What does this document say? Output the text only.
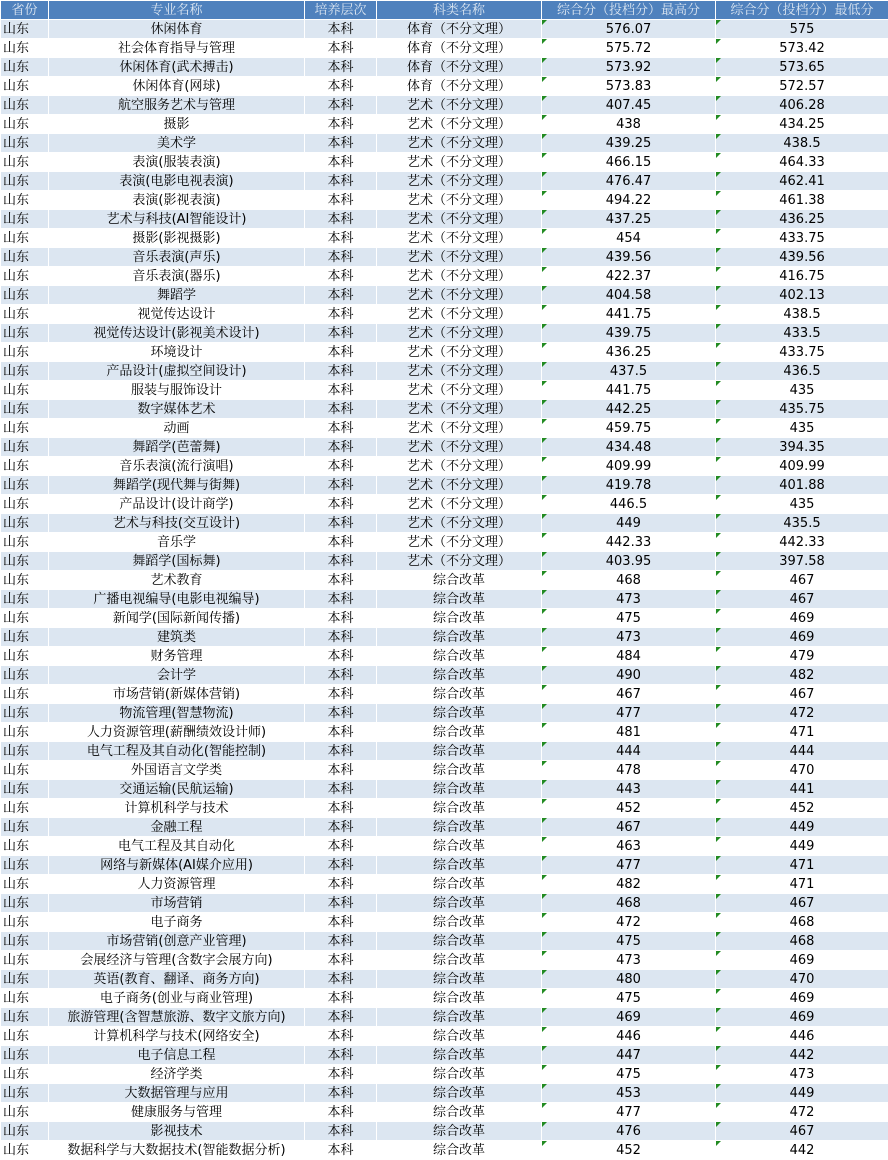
省份	专业名称	培养层次	科类名称	综合分（投档分）最高分	综合分（投档分）最低分
山东	休闲体育	本科	体育（不分文理）	576.07	575
山东	社会体育指导与管理	本科	体育（不分文理）	575.72	573.42
山东	休闲体育(武术搏击)	本科	体育（不分文理）	573.92	573.65
山东	休闲体育(网球)	本科	体育（不分文理）	573.83	572.57
山东	航空服务艺术与管理	本科	艺术（不分文理）	407.45	406.28
山东	摄影	本科	艺术（不分文理）	438	434.25
山东	美术学	本科	艺术（不分文理）	439.25	438.5
山东	表演(服装表演)	本科	艺术（不分文理）	466.15	464.33
山东	表演(电影电视表演)	本科	艺术（不分文理）	476.47	462.41
山东	表演(影视表演)	本科	艺术（不分文理）	494.22	461.38
山东	艺术与科技(AI智能设计)	本科	艺术（不分文理）	437.25	436.25
山东	摄影(影视摄影)	本科	艺术（不分文理）	454	433.75
山东	音乐表演(声乐)	本科	艺术（不分文理）	439.56	439.56
山东	音乐表演(器乐)	本科	艺术（不分文理）	422.37	416.75
山东	舞蹈学	本科	艺术（不分文理）	404.58	402.13
山东	视觉传达设计	本科	艺术（不分文理）	441.75	438.5
山东	视觉传达设计(影视美术设计)	本科	艺术（不分文理）	439.75	433.5
山东	环境设计	本科	艺术（不分文理）	436.25	433.75
山东	产品设计(虚拟空间设计)	本科	艺术（不分文理）	437.5	436.5
山东	服装与服饰设计	本科	艺术（不分文理）	441.75	435
山东	数字媒体艺术	本科	艺术（不分文理）	442.25	435.75
山东	动画	本科	艺术（不分文理）	459.75	435
山东	舞蹈学(芭蕾舞)	本科	艺术（不分文理）	434.48	394.35
山东	音乐表演(流行演唱)	本科	艺术（不分文理）	409.99	409.99
山东	舞蹈学(现代舞与街舞)	本科	艺术（不分文理）	419.78	401.88
山东	产品设计(设计商学)	本科	艺术（不分文理）	446.5	435
山东	艺术与科技(交互设计)	本科	艺术（不分文理）	449	435.5
山东	音乐学	本科	艺术（不分文理）	442.33	442.33
山东	舞蹈学(国标舞)	本科	艺术（不分文理）	403.95	397.58
山东	艺术教育	本科	综合改革	468	467
山东	广播电视编导(电影电视编导)	本科	综合改革	473	467
山东	新闻学(国际新闻传播)	本科	综合改革	475	469
山东	建筑类	本科	综合改革	473	469
山东	财务管理	本科	综合改革	484	479
山东	会计学	本科	综合改革	490	482
山东	市场营销(新媒体营销)	本科	综合改革	467	467
山东	物流管理(智慧物流)	本科	综合改革	477	472
山东	人力资源管理(薪酬绩效设计师)	本科	综合改革	481	471
山东	电气工程及其自动化(智能控制)	本科	综合改革	444	444
山东	外国语言文学类	本科	综合改革	478	470
山东	交通运输(民航运输)	本科	综合改革	443	441
山东	计算机科学与技术	本科	综合改革	452	452
山东	金融工程	本科	综合改革	467	449
山东	电气工程及其自动化	本科	综合改革	463	449
山东	网络与新媒体(AI媒介应用)	本科	综合改革	477	471
山东	人力资源管理	本科	综合改革	482	471
山东	市场营销	本科	综合改革	468	467
山东	电子商务	本科	综合改革	472	468
山东	市场营销(创意产业管理)	本科	综合改革	475	468
山东	会展经济与管理(含数字会展方向)	本科	综合改革	473	469
山东	英语(教育、翻译、商务方向)	本科	综合改革	480	470
山东	电子商务(创业与商业管理)	本科	综合改革	475	469
山东	旅游管理(含智慧旅游、数字文旅方向)	本科	综合改革	469	469
山东	计算机科学与技术(网络安全)	本科	综合改革	446	446
山东	电子信息工程	本科	综合改革	447	442
山东	经济学类	本科	综合改革	475	473
山东	大数据管理与应用	本科	综合改革	453	449
山东	健康服务与管理	本科	综合改革	477	472
山东	影视技术	本科	综合改革	476	467
山东	数据科学与大数据技术(智能数据分析)	本科	综合改革	452	442
